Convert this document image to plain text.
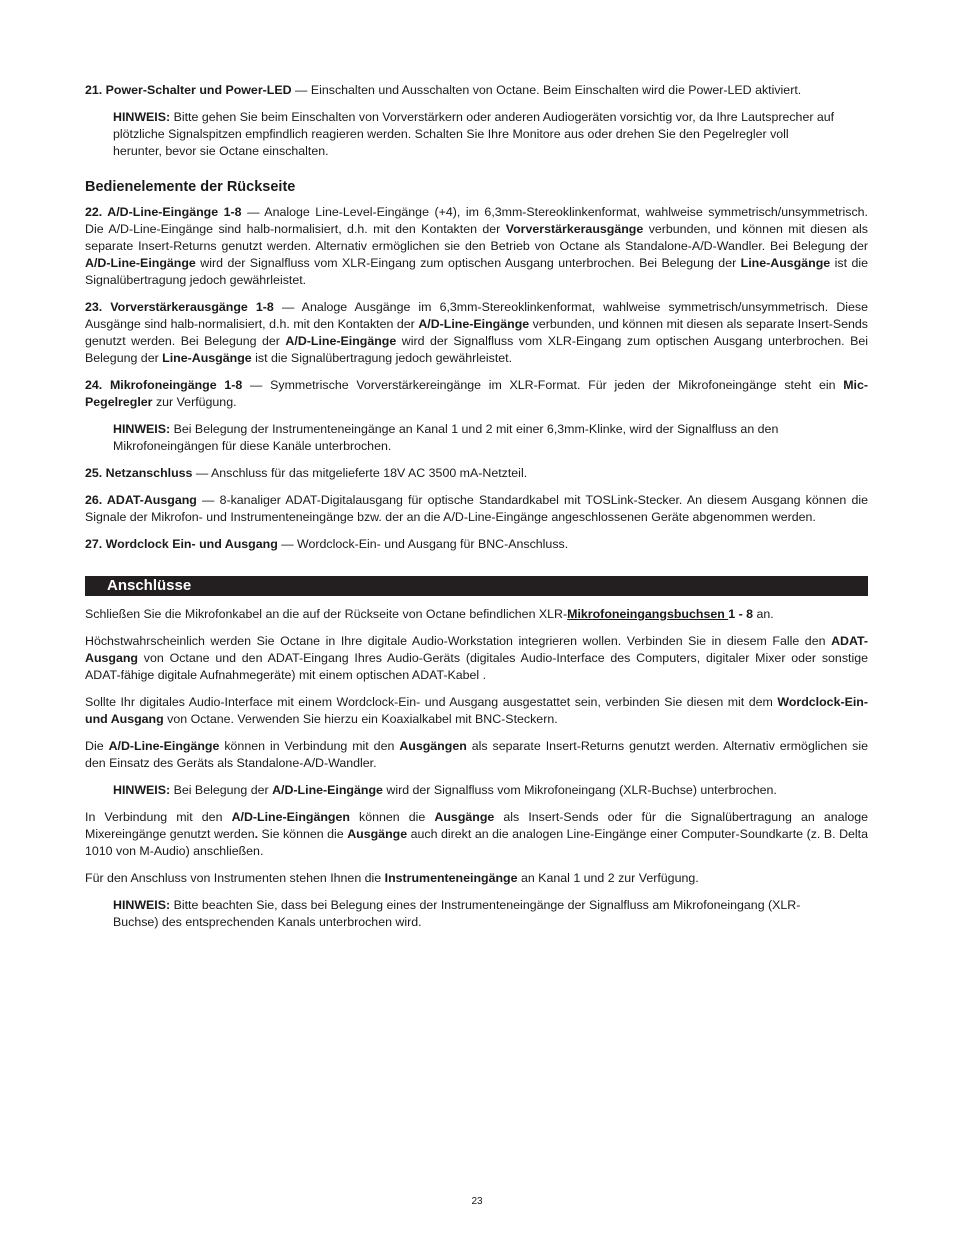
21. Power-Schalter und Power-LED — Einschalten und Ausschalten von Octane. Beim Einschalten wird die Power-LED aktiviert.

HINWEIS: Bitte gehen Sie beim Einschalten von Vorverstärkern oder anderen Audiogeräten vorsichtig vor, da Ihre Lautsprecher auf plötzliche Signalspitzen empfindlich reagieren werden. Schalten Sie Ihre Monitore aus oder drehen Sie den Pegelregler voll herunter, bevor sie Octane einschalten.

Bedienelemente der Rückseite

22. A/D-Line-Eingänge 1-8 — Analoge Line-Level-Eingänge (+4), im 6,3mm-Stereoklinkenformat, wahlweise symmetrisch/unsymmetrisch. Die A/D-Line-Eingänge sind halb-normalisiert, d.h. mit den Kontakten der Vorverstärkerausgänge verbunden, und können mit diesen als separate Insert-Returns genutzt werden. Alternativ ermöglichen sie den Betrieb von Octane als Standalone-A/D-Wandler. Bei Belegung der A/D-Line-Eingänge wird der Signalfluss vom XLR-Eingang zum optischen Ausgang unterbrochen. Bei Belegung der Line-Ausgänge ist die Signalübertragung jedoch gewährleistet.

23. Vorverstärkerausgänge 1-8 — Analoge Ausgänge im 6,3mm-Stereoklinkenformat, wahlweise symmetrisch/unsymmetrisch. Diese Ausgänge sind halb-normalisiert, d.h. mit den Kontakten der A/D-Line-Eingänge verbunden, und können mit diesen als separate Insert-Sends genutzt werden. Bei Belegung der A/D-Line-Eingänge wird der Signalfluss vom XLR-Eingang zum optischen Ausgang unterbrochen. Bei Belegung der Line-Ausgänge ist die Signalübertragung jedoch gewährleistet.

24. Mikrofoneingänge 1-8 — Symmetrische Vorverstärkereingänge im XLR-Format. Für jeden der Mikrofoneingänge steht ein Mic-Pegelregler zur Verfügung.

HINWEIS: Bei Belegung der Instrumenteneingänge an Kanal 1 und 2 mit einer 6,3mm-Klinke, wird der Signalfluss an den Mikrofoneingängen für diese Kanäle unterbrochen.

25. Netzanschluss — Anschluss für das mitgelieferte 18V AC 3500 mA-Netzteil.

26. ADAT-Ausgang — 8-kanaliger ADAT-Digitalausgang für optische Standardkabel mit TOSLink-Stecker. An diesem Ausgang können die Signale der Mikrofon- und Instrumenteneingänge bzw. der an die A/D-Line-Eingänge angeschlossenen Geräte abgenommen werden.

27. Wordclock Ein- und Ausgang — Wordclock-Ein- und Ausgang für BNC-Anschluss.

Anschlüsse

Schließen Sie die Mikrofonkabel an die auf der Rückseite von Octane befindlichen XLR-Mikrofoneingangsbuchsen 1 - 8 an.

Höchstwahrscheinlich werden Sie Octane in Ihre digitale Audio-Workstation integrieren wollen. Verbinden Sie in diesem Falle den ADAT-Ausgang von Octane und den ADAT-Eingang Ihres Audio-Geräts (digitales Audio-Interface des Computers, digitaler Mixer oder sonstige ADAT-fähige digitale Aufnahmegeräte) mit einem optischen ADAT-Kabel .

Sollte Ihr digitales Audio-Interface mit einem Wordclock-Ein- und Ausgang ausgestattet sein, verbinden Sie diesen mit dem Wordclock-Ein- und Ausgang von Octane. Verwenden Sie hierzu ein Koaxialkabel mit BNC-Steckern.

Die A/D-Line-Eingänge können in Verbindung mit den Ausgängen als separate Insert-Returns genutzt werden. Alternativ ermöglichen sie den Einsatz des Geräts als Standalone-A/D-Wandler.

HINWEIS: Bei Belegung der A/D-Line-Eingänge wird der Signalfluss vom Mikrofoneingang (XLR-Buchse) unterbrochen.

In Verbindung mit den A/D-Line-Eingängen können die Ausgänge als Insert-Sends oder für die Signalübertragung an analoge Mixereingänge genutzt werden. Sie können die Ausgänge auch direkt an die analogen Line-Eingänge einer Computer-Soundkarte (z. B. Delta 1010 von M-Audio) anschließen.

Für den Anschluss von Instrumenten stehen Ihnen die Instrumenteneingänge an Kanal 1 und 2 zur Verfügung.

HINWEIS: Bitte beachten Sie, dass bei Belegung eines der Instrumenteneingänge der Signalfluss am Mikrofoneingang (XLR-Buchse) des entsprechenden Kanals unterbrochen wird.

23
